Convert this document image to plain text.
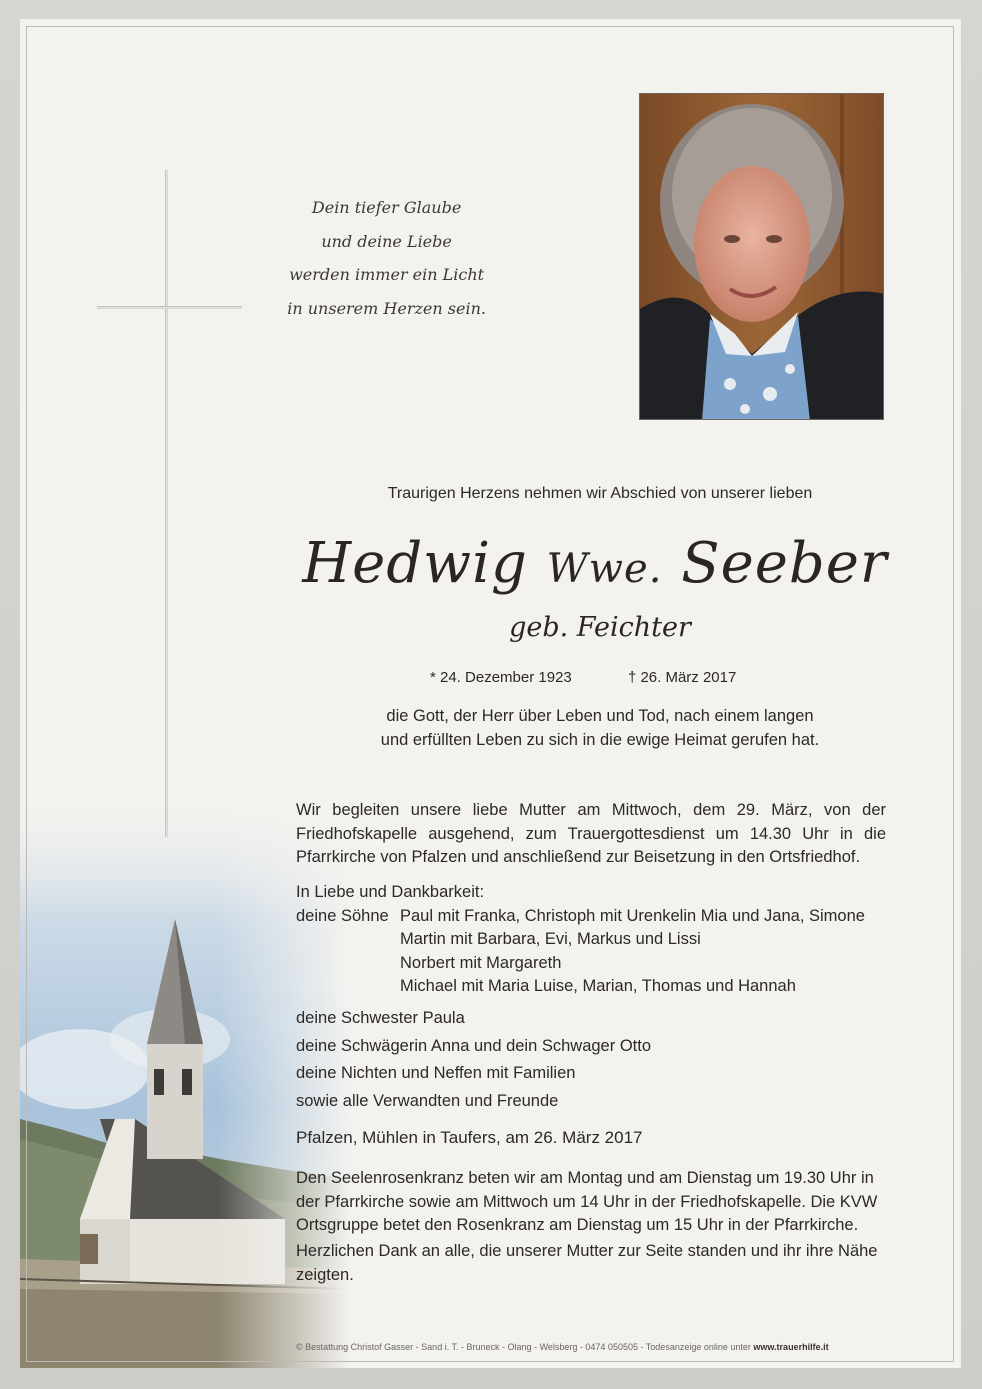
Dein tiefer Glaube
und deine Liebe
werden immer ein Licht
in unserem Herzen sein.
Traurigen Herzens nehmen wir Abschied von unserer lieben
Hedwig Wwe. Seeber
geb. Feichter
* 24. Dezember 1923	† 26. März 2017
die Gott, der Herr über Leben und Tod, nach einem langen
und erfüllten Leben zu sich in die ewige Heimat gerufen hat.
Wir begleiten unsere liebe Mutter am Mittwoch, dem 29. März, von der
Friedhofskapelle ausgehend, zum Trauergottesdienst um 14.30 Uhr in die
Pfarrkirche von Pfalzen und anschließend zur Beisetzung in den Ortsfriedhof.
In Liebe und Dankbarkeit:
deine Söhne Paul mit Franka, Christoph mit Urenkelin Mia und Jana, Simone
Martin mit Barbara, Evi, Markus und Lissi
Norbert mit Margareth
Michael mit Maria Luise, Marian, Thomas und Hannah
deine Schwester Paula
deine Schwägerin Anna und dein Schwager Otto
deine Nichten und Neffen mit Familien
sowie alle Verwandten und Freunde
Pfalzen, Mühlen in Taufers, am 26. März 2017
Den Seelenrosenkranz beten wir am Montag und am Dienstag um 19.30 Uhr in
der Pfarrkirche sowie am Mittwoch um 14 Uhr in der Friedhofskapelle. Die KVW
Ortsgruppe betet den Rosenkranz am Dienstag um 15 Uhr in der Pfarrkirche.
Herzlichen Dank an alle, die unserer Mutter zur Seite standen und ihr ihre Nähe
zeigten.
© Bestattung Christof Gasser - Sand i. T. - Bruneck - Olang - Welsberg - 0474 050505 - Todesanzeige online unter www.trauerhilfe.it
